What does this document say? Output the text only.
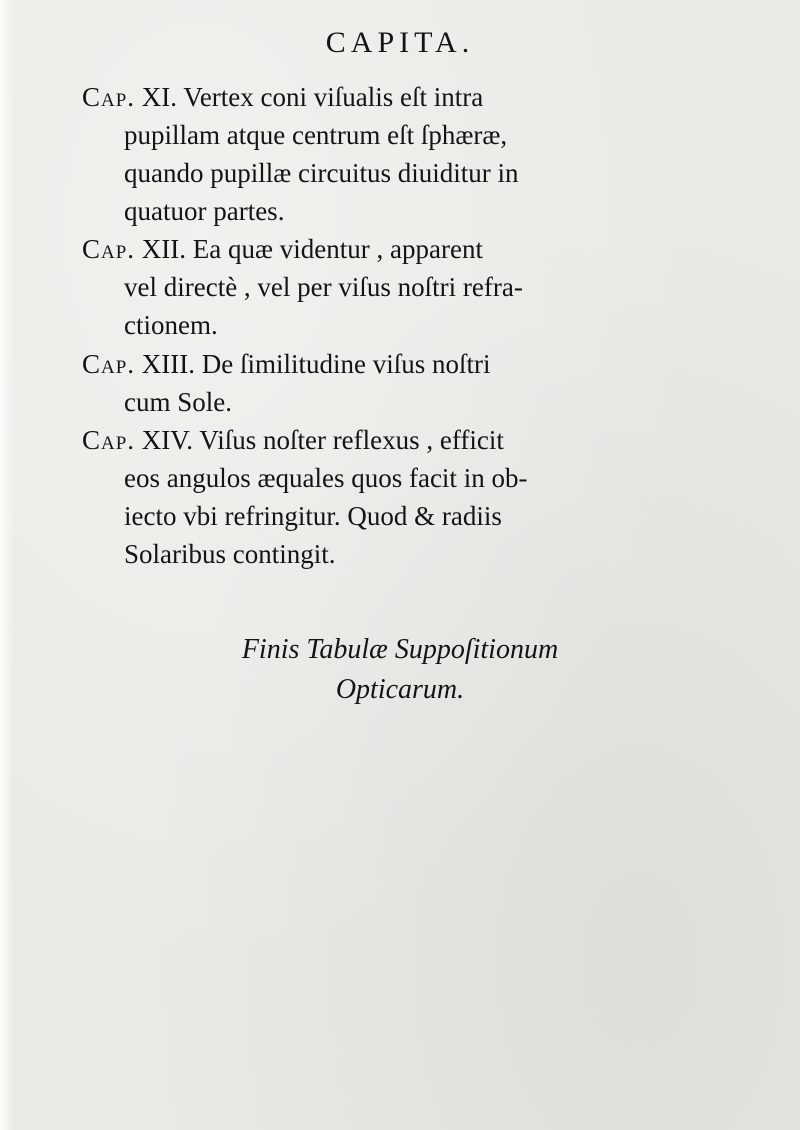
CAPITA.
Cap. XI. Vertex coni viſualis eſt intra
pupillam atque centrum eſt ſphæræ,
quando pupillæ circuitus diuiditur in
quatuor partes.
Cap. XII. Ea quæ videntur , apparent
vel directè , vel per viſus noſtri refra-
ctionem.
Cap. XIII. De ſimilitudine viſus noſtri
cum Sole.
Cap. XIV. Viſus noſter reflexus , efficit
eos angulos æquales quos facit in ob-
iecto vbi refringitur. Quod & radiis
Solaribus contingit.
Finis Tabulæ Suppoſitionum
Opticarum.
